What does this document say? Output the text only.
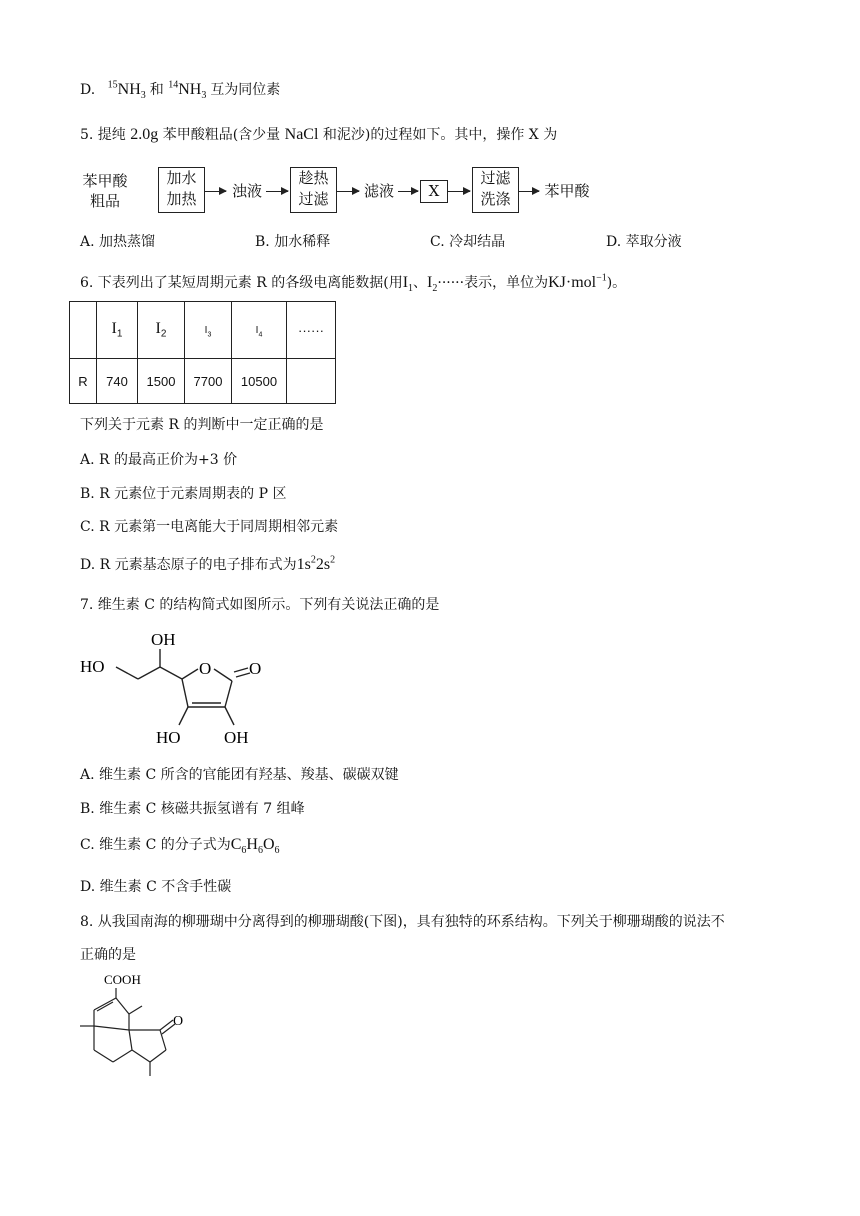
D. $^{15}NH_3$ 和 $^{14}NH_3$ 互为同位素
5. 提纯 2.0g 苯甲酸粗品(含少量 NaCl 和泥沙)的过程如下。其中，操作 X 为
苯甲酸
粗品
加水
加热	浊液
趁热
过滤	滤液	X
过滤
洗涤	苯甲酸
A. 加热蒸馏	B. 加水稀释	C. 冷却结晶	D. 萃取分液
6. 下表列出了某短周期元素 R 的各级电离能数据(用$I_1$、$I_2\cdot\cdot\cdot\cdot\cdot\cdot$表示，单位为KJ·mol$^{-1}$)。
	$I_1$	$I_2$	$I_3$	$I_4$	······
R	740	1500	7700	10500	
下列关于元素 R 的判断中一定正确的是
A. R 的最高正价为+3 价
B. R 元素位于元素周期表的 P 区
C. R 元素第一电离能大于同周期相邻元素
D. R 元素基态原子的电子排布式为$1s^22s^2$
7. 维生素 C 的结构简式如图所示。下列有关说法正确的是
OH
HO	O O
HO	OH
A. 维生素 C 所含的官能团有羟基、羧基、碳碳双键
B. 维生素 C 核磁共振氢谱有 7 组峰
C. 维生素 C 的分子式为$C_6H_6O_6$
D. 维生素 C 不含手性碳
8. 从我国南海的柳珊瑚中分离得到的柳珊瑚酸(下图)，具有独特的环系结构。下列关于柳珊瑚酸的说法不
正确的是
COOH
O
